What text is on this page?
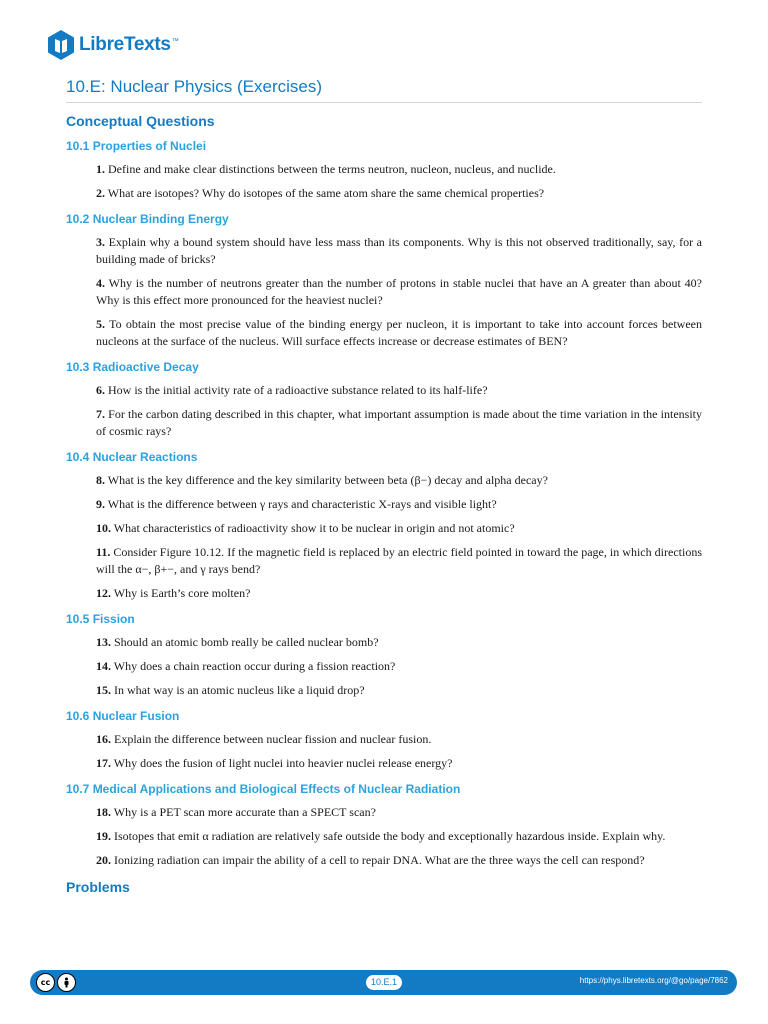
LibreTexts ™
10.E: Nuclear Physics (Exercises)
Conceptual Questions
10.1 Properties of Nuclei

1. Define and make clear distinctions between the terms neutron, nucleon, nucleus, and nuclide.

2. What are isotopes? Why do isotopes of the same atom share the same chemical properties?

10.2 Nuclear Binding Energy

3. Explain why a bound system should have less mass than its components. Why is this not observed traditionally, say, for a building made of bricks?

4. Why is the number of neutrons greater than the number of protons in stable nuclei that have an A greater than about 40? Why is this effect more pronounced for the heaviest nuclei?

5. To obtain the most precise value of the binding energy per nucleon, it is important to take into account forces between nucleons at the surface of the nucleus. Will surface effects increase or decrease estimates of BEN?

10.3 Radioactive Decay

6. How is the initial activity rate of a radioactive substance related to its half-life?

7. For the carbon dating described in this chapter, what important assumption is made about the time variation in the intensity of cosmic rays?

10.4 Nuclear Reactions

8. What is the key difference and the key similarity between beta (β−) decay and alpha decay?

9. What is the difference between γ rays and characteristic X-rays and visible light?

10. What characteristics of radioactivity show it to be nuclear in origin and not atomic?

11. Consider Figure 10.12. If the magnetic field is replaced by an electric field pointed in toward the page, in which directions will the α−, β+−, and γ rays bend?

12. Why is Earth’s core molten?

10.5 Fission

13. Should an atomic bomb really be called nuclear bomb?

14. Why does a chain reaction occur during a fission reaction?

15. In what way is an atomic nucleus like a liquid drop?

10.6 Nuclear Fusion

16. Explain the difference between nuclear fission and nuclear fusion.

17. Why does the fusion of light nuclei into heavier nuclei release energy?

10.7 Medical Applications and Biological Effects of Nuclear Radiation

18. Why is a PET scan more accurate than a SPECT scan?

19. Isotopes that emit α radiation are relatively safe outside the body and exceptionally hazardous inside. Explain why.

20. Ionizing radiation can impair the ability of a cell to repair DNA. What are the three ways the cell can respond?

Problems
cc	10.E.1	https://phys.libretexts.org/@go/page/7862
